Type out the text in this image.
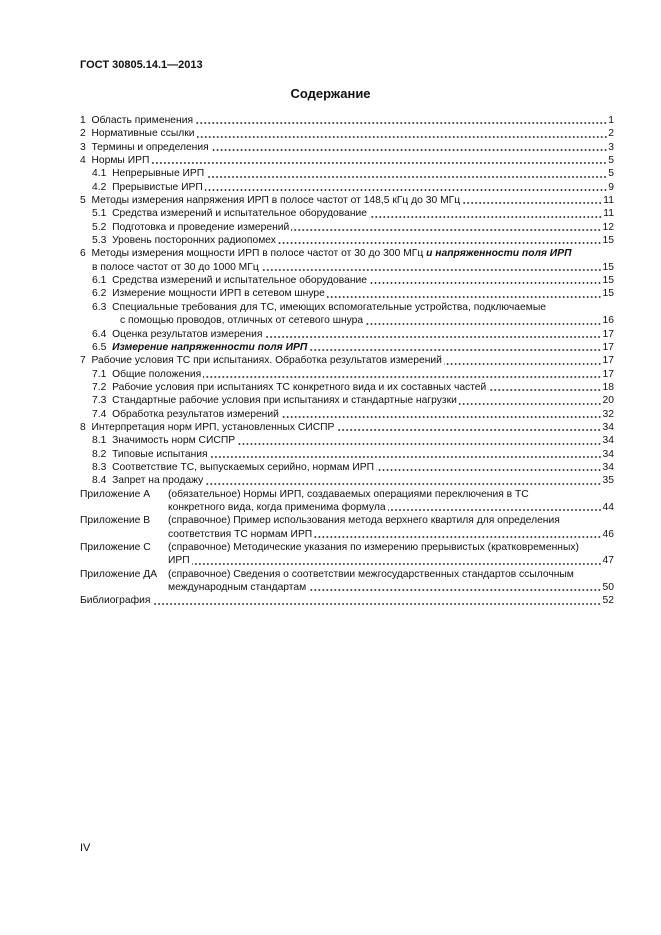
ГОСТ 30805.14.1—2013
Содержание
1 Область применения	1
2 Нормативные ссылки	2
3 Термины и определения	3
4 Нормы ИРП	5
4.1 Непрерывные ИРП	5
4.2 Прерывистые ИРП	9
5 Методы измерения напряжения ИРП в полосе частот от 148,5 кГц до 30 МГц	11
5.1 Средства измерений и испытательное оборудование	11
5.2 Подготовка и проведение измерений	12
5.3 Уровень посторонних радиопомех	15
6 Методы измерения мощности ИРП в полосе частот от 30 до 300 МГц и напряженности поля ИРП
в полосе частот от 30 до 1000 МГц	15
6.1 Средства измерений и испытательное оборудование	15
6.2 Измерение мощности ИРП в сетевом шнуре	15
6.3 Специальные требования для ТС, имеющих вспомогательные устройства, подключаемые
с помощью проводов, отличных от сетевого шнура	16
6.4 Оценка результатов измерения	17
6.5 Измерение напряженности поля ИРП	17
7 Рабочие условия ТС при испытаниях. Обработка результатов измерений	17
7.1 Общие положения	17
7.2 Рабочие условия при испытаниях ТС конкретного вида и их составных частей	18
7.3 Стандартные рабочие условия при испытаниях и стандартные нагрузки	20
7.4 Обработка результатов измерений	32
8 Интерпретация норм ИРП, установленных СИСПР	34
8.1 Значимость норм СИСПР	34
8.2 Типовые испытания	34
8.3 Соответствие ТС, выпускаемых серийно, нормам ИРП	34
8.4 Запрет на продажу	35
Приложение А	(обязательное) Нормы ИРП, создаваемых операциями переключения в ТС
конкретного вида, когда применима формула	44
Приложение В	(справочное) Пример использования метода верхнего квартиля для определения
соответствия ТС нормам ИРП	46
Приложение С	(справочное) Методические указания по измерению прерывистых (кратковременных)
ИРП	47
Приложение ДА	(справочное) Сведения о соответствии межгосударственных стандартов ссылочным
международным стандартам	50
Библиография	52
IV
